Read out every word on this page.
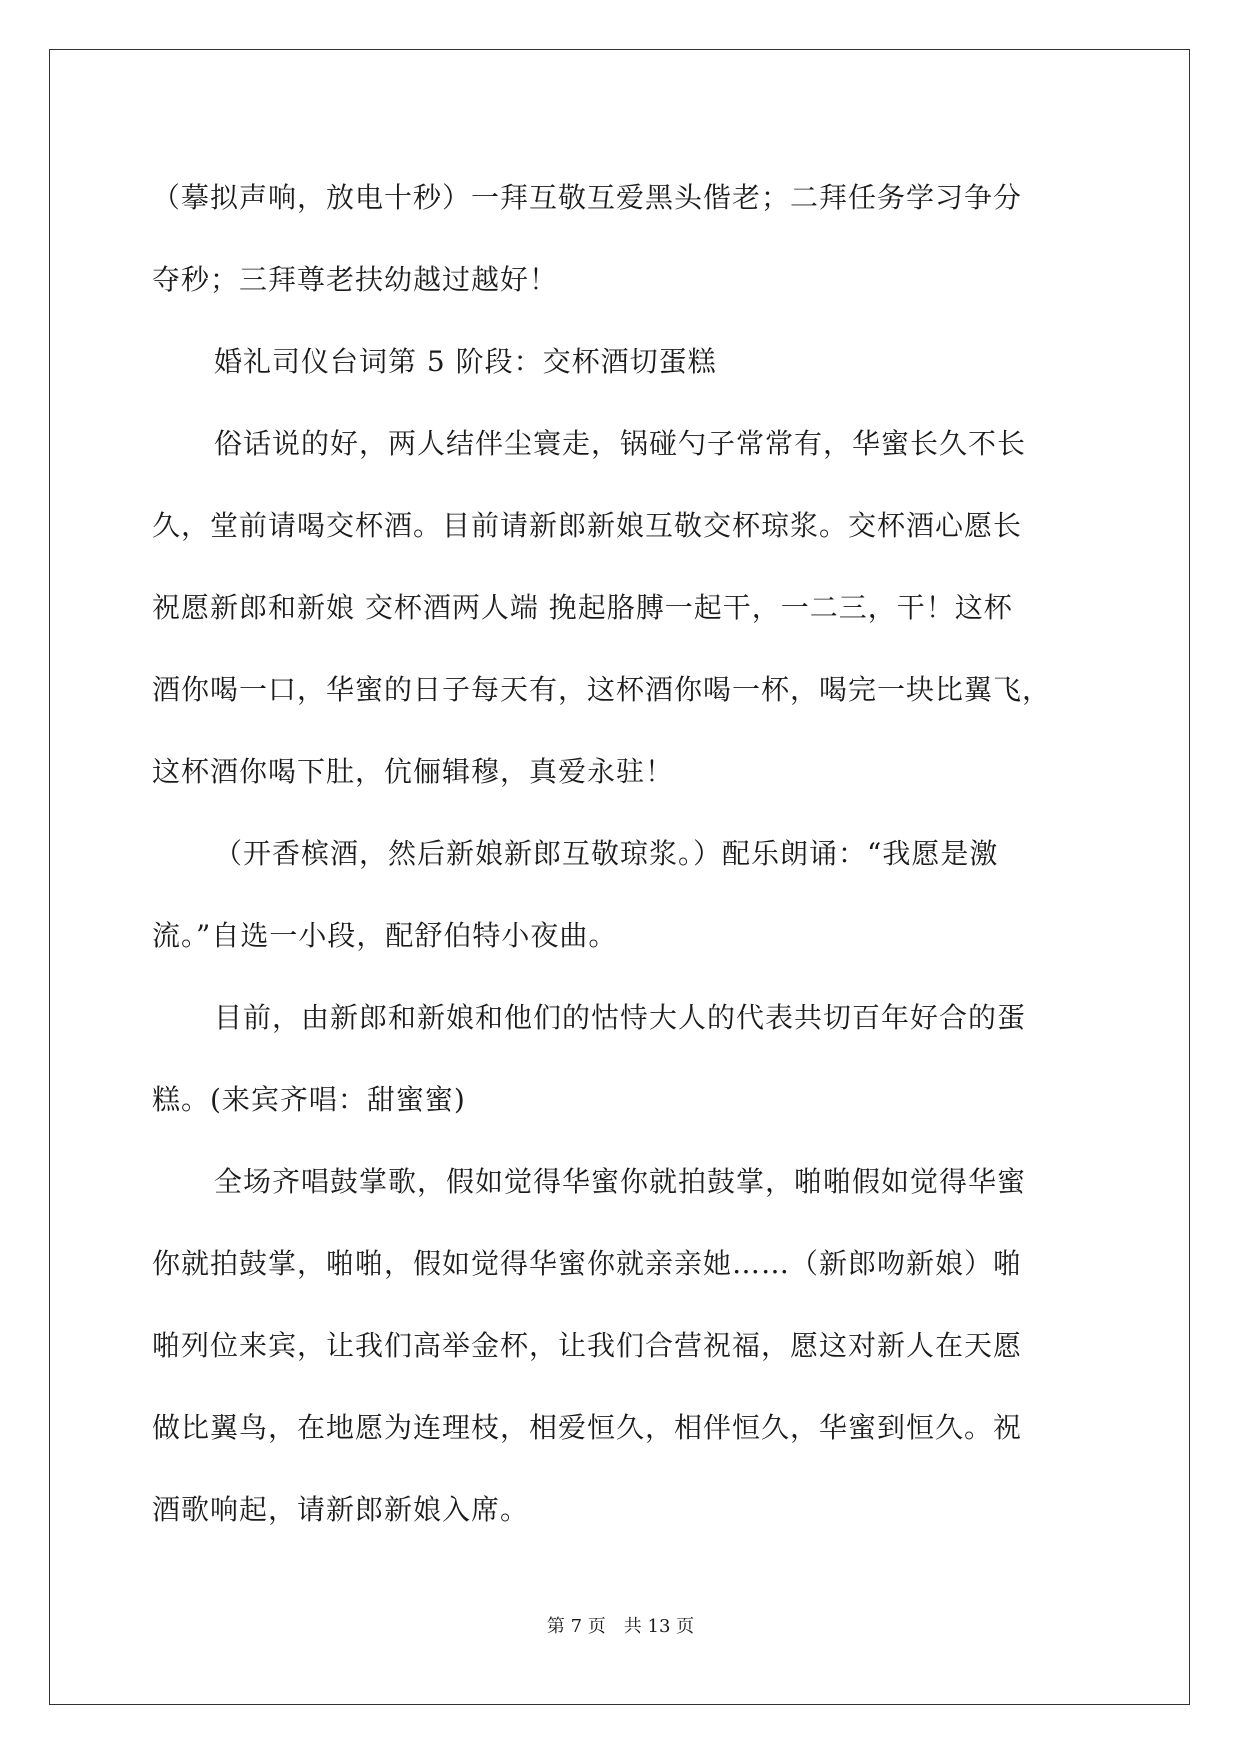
（摹拟声响，放电十秒）一拜互敬互爱黑头偕老；二拜任务学习争分
夺秒；三拜尊老扶幼越过越好！

婚礼司仪台词第 5 阶段：交杯酒切蛋糕

俗话说的好，两人结伴尘寰走，锅碰勺子常常有，华蜜长久不长
久，堂前请喝交杯酒。目前请新郎新娘互敬交杯琼浆。交杯酒心愿长
祝愿新郎和新娘 交杯酒两人端 挽起胳膊一起干，一二三，干！这杯
酒你喝一口，华蜜的日子每天有，这杯酒你喝一杯，喝完一块比翼飞，
这杯酒你喝下肚，伉俪辑穆，真爱永驻！

（开香槟酒，然后新娘新郎互敬琼浆。）配乐朗诵：“我愿是激
流。”自选一小段，配舒伯特小夜曲。

目前，由新郎和新娘和他们的怙恃大人的代表共切百年好合的蛋
糕。(来宾齐唱：甜蜜蜜)

全场齐唱鼓掌歌，假如觉得华蜜你就拍鼓掌，啪啪假如觉得华蜜
你就拍鼓掌，啪啪，假如觉得华蜜你就亲亲她……（新郎吻新娘）啪
啪列位来宾，让我们高举金杯，让我们合营祝福，愿这对新人在天愿
做比翼鸟，在地愿为连理枝，相爱恒久，相伴恒久，华蜜到恒久。祝
酒歌响起，请新郎新娘入席。

第 7 页 共 13 页
